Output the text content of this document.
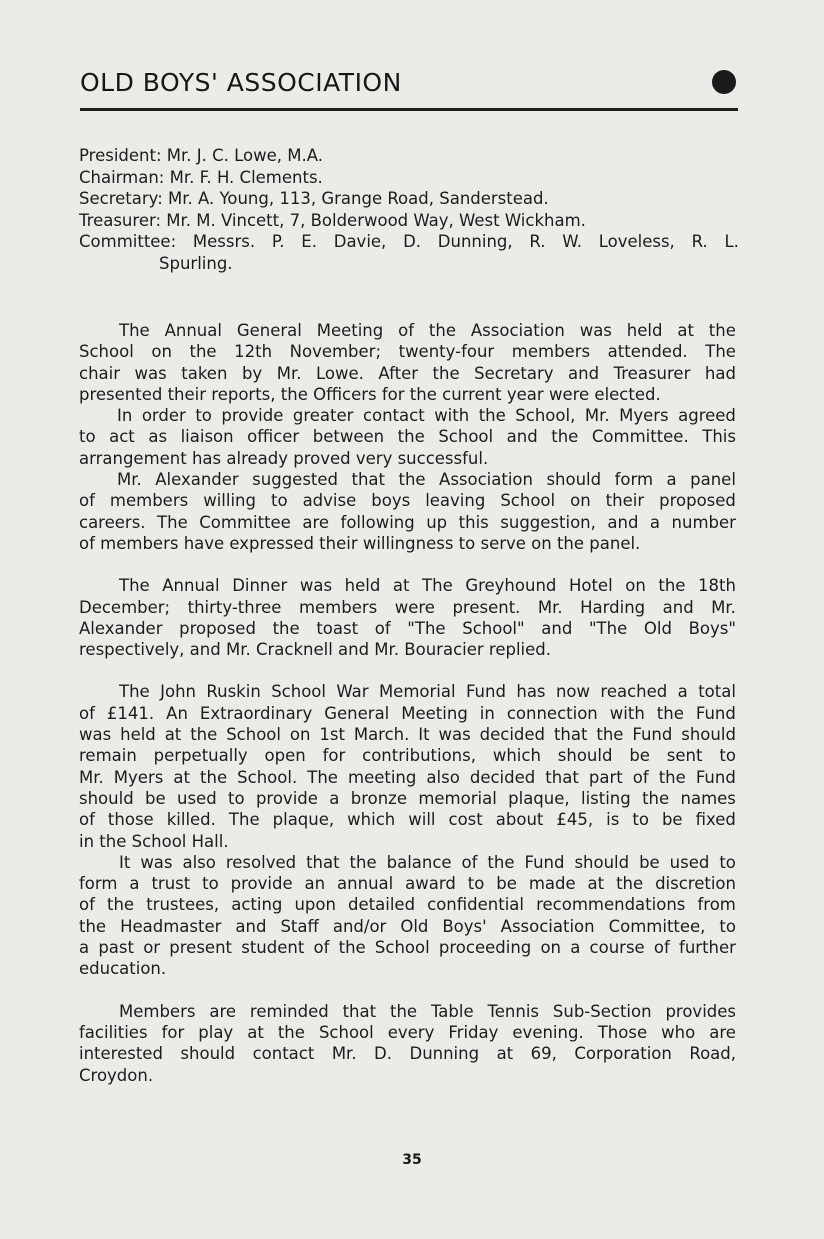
OLD BOYS' ASSOCIATION
President: Mr. J. C. Lowe, M.A.
Chairman: Mr. F. H. Clements.
Secretary: Mr. A. Young, 113, Grange Road, Sanderstead.
Treasurer: Mr. M. Vincett, 7, Bolderwood Way, West Wickham.
Committee: Messrs. P. E. Davie, D. Dunning, R. W. Loveless, R. L.
Spurling.
The Annual General Meeting of the Association was held at the
School on the 12th November; twenty-four members attended. The
chair was taken by Mr. Lowe. After the Secretary and Treasurer had
presented their reports, the Officers for the current year were elected.
In order to provide greater contact with the School, Mr. Myers agreed
to act as liaison officer between the School and the Committee. This
arrangement has already proved very successful.
Mr. Alexander suggested that the Association should form a panel
of members willing to advise boys leaving School on their proposed
careers. The Committee are following up this suggestion, and a number
of members have expressed their willingness to serve on the panel.
The Annual Dinner was held at The Greyhound Hotel on the 18th
December; thirty-three members were present. Mr. Harding and Mr.
Alexander proposed the toast of "The School" and "The Old Boys"
respectively, and Mr. Cracknell and Mr. Bouracier replied.
The John Ruskin School War Memorial Fund has now reached a total
of £141. An Extraordinary General Meeting in connection with the Fund
was held at the School on 1st March. It was decided that the Fund should
remain perpetually open for contributions, which should be sent to
Mr. Myers at the School. The meeting also decided that part of the Fund
should be used to provide a bronze memorial plaque, listing the names
of those killed. The plaque, which will cost about £45, is to be fixed
in the School Hall.
It was also resolved that the balance of the Fund should be used to
form a trust to provide an annual award to be made at the discretion
of the trustees, acting upon detailed confidential recommendations from
the Headmaster and Staff and/or Old Boys' Association Committee, to
a past or present student of the School proceeding on a course of further
education.
Members are reminded that the Table Tennis Sub-Section provides
facilities for play at the School every Friday evening. Those who are
interested should contact Mr. D. Dunning at 69, Corporation Road,
Croydon.
35
